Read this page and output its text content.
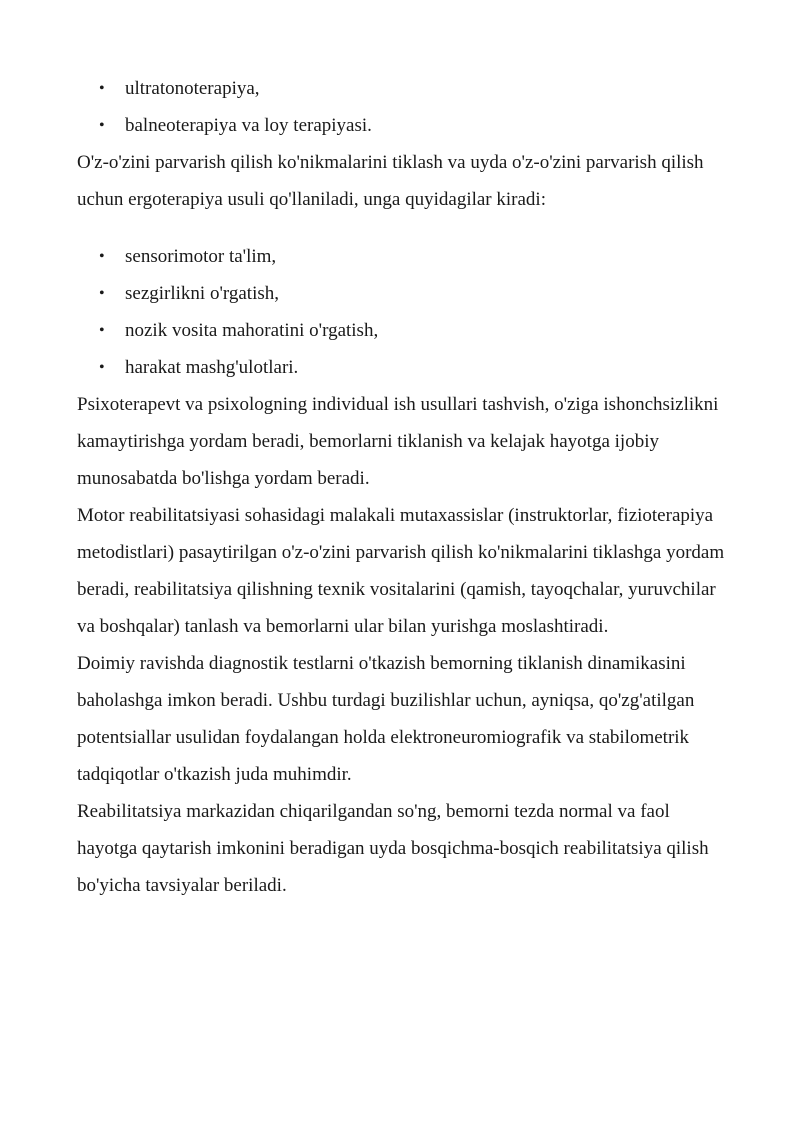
• ultratonoterapiya,
• balneoterapiya va loy terapiyasi.

O'z-o'zini parvarish qilish ko'nikmalarini tiklash va uyda o'z-o'zini parvarish qilish uchun ergoterapiya usuli qo'llaniladi, unga quyidagilar kiradi:

• sensorimotor ta'lim,
• sezgirlikni o'rgatish,
• nozik vosita mahoratini o'rgatish,
• harakat mashg'ulotlari.

Psixoterapevt va psixologning individual ish usullari tashvish, o'ziga ishonchsizlikni kamaytirishga yordam beradi, bemorlarni tiklanish va kelajak hayotga ijobiy munosabatda bo'lishga yordam beradi.

Motor reabilitatsiyasi sohasidagi malakali mutaxassislar (instruktorlar, fizioterapiya metodistlari) pasaytirilgan o'z-o'zini parvarish qilish ko'nikmalarini tiklashga yordam beradi, reabilitatsiya qilishning texnik vositalarini (qamish, tayoqchalar, yuruvchilar va boshqalar) tanlash va bemorlarni ular bilan yurishga moslashtiradi.

Doimiy ravishda diagnostik testlarni o'tkazish bemorning tiklanish dinamikasini baholashga imkon beradi. Ushbu turdagi buzilishlar uchun, ayniqsa, qo'zg'atilgan potentsiallar usulidan foydalangan holda elektroneuromiografik va stabilometrik tadqiqotlar o'tkazish juda muhimdir.

Reabilitatsiya markazidan chiqarilgandan so'ng, bemorni tezda normal va faol hayotga qaytarish imkonini beradigan uyda bosqichma-bosqich reabilitatsiya qilish bo'yicha tavsiyalar beriladi.
